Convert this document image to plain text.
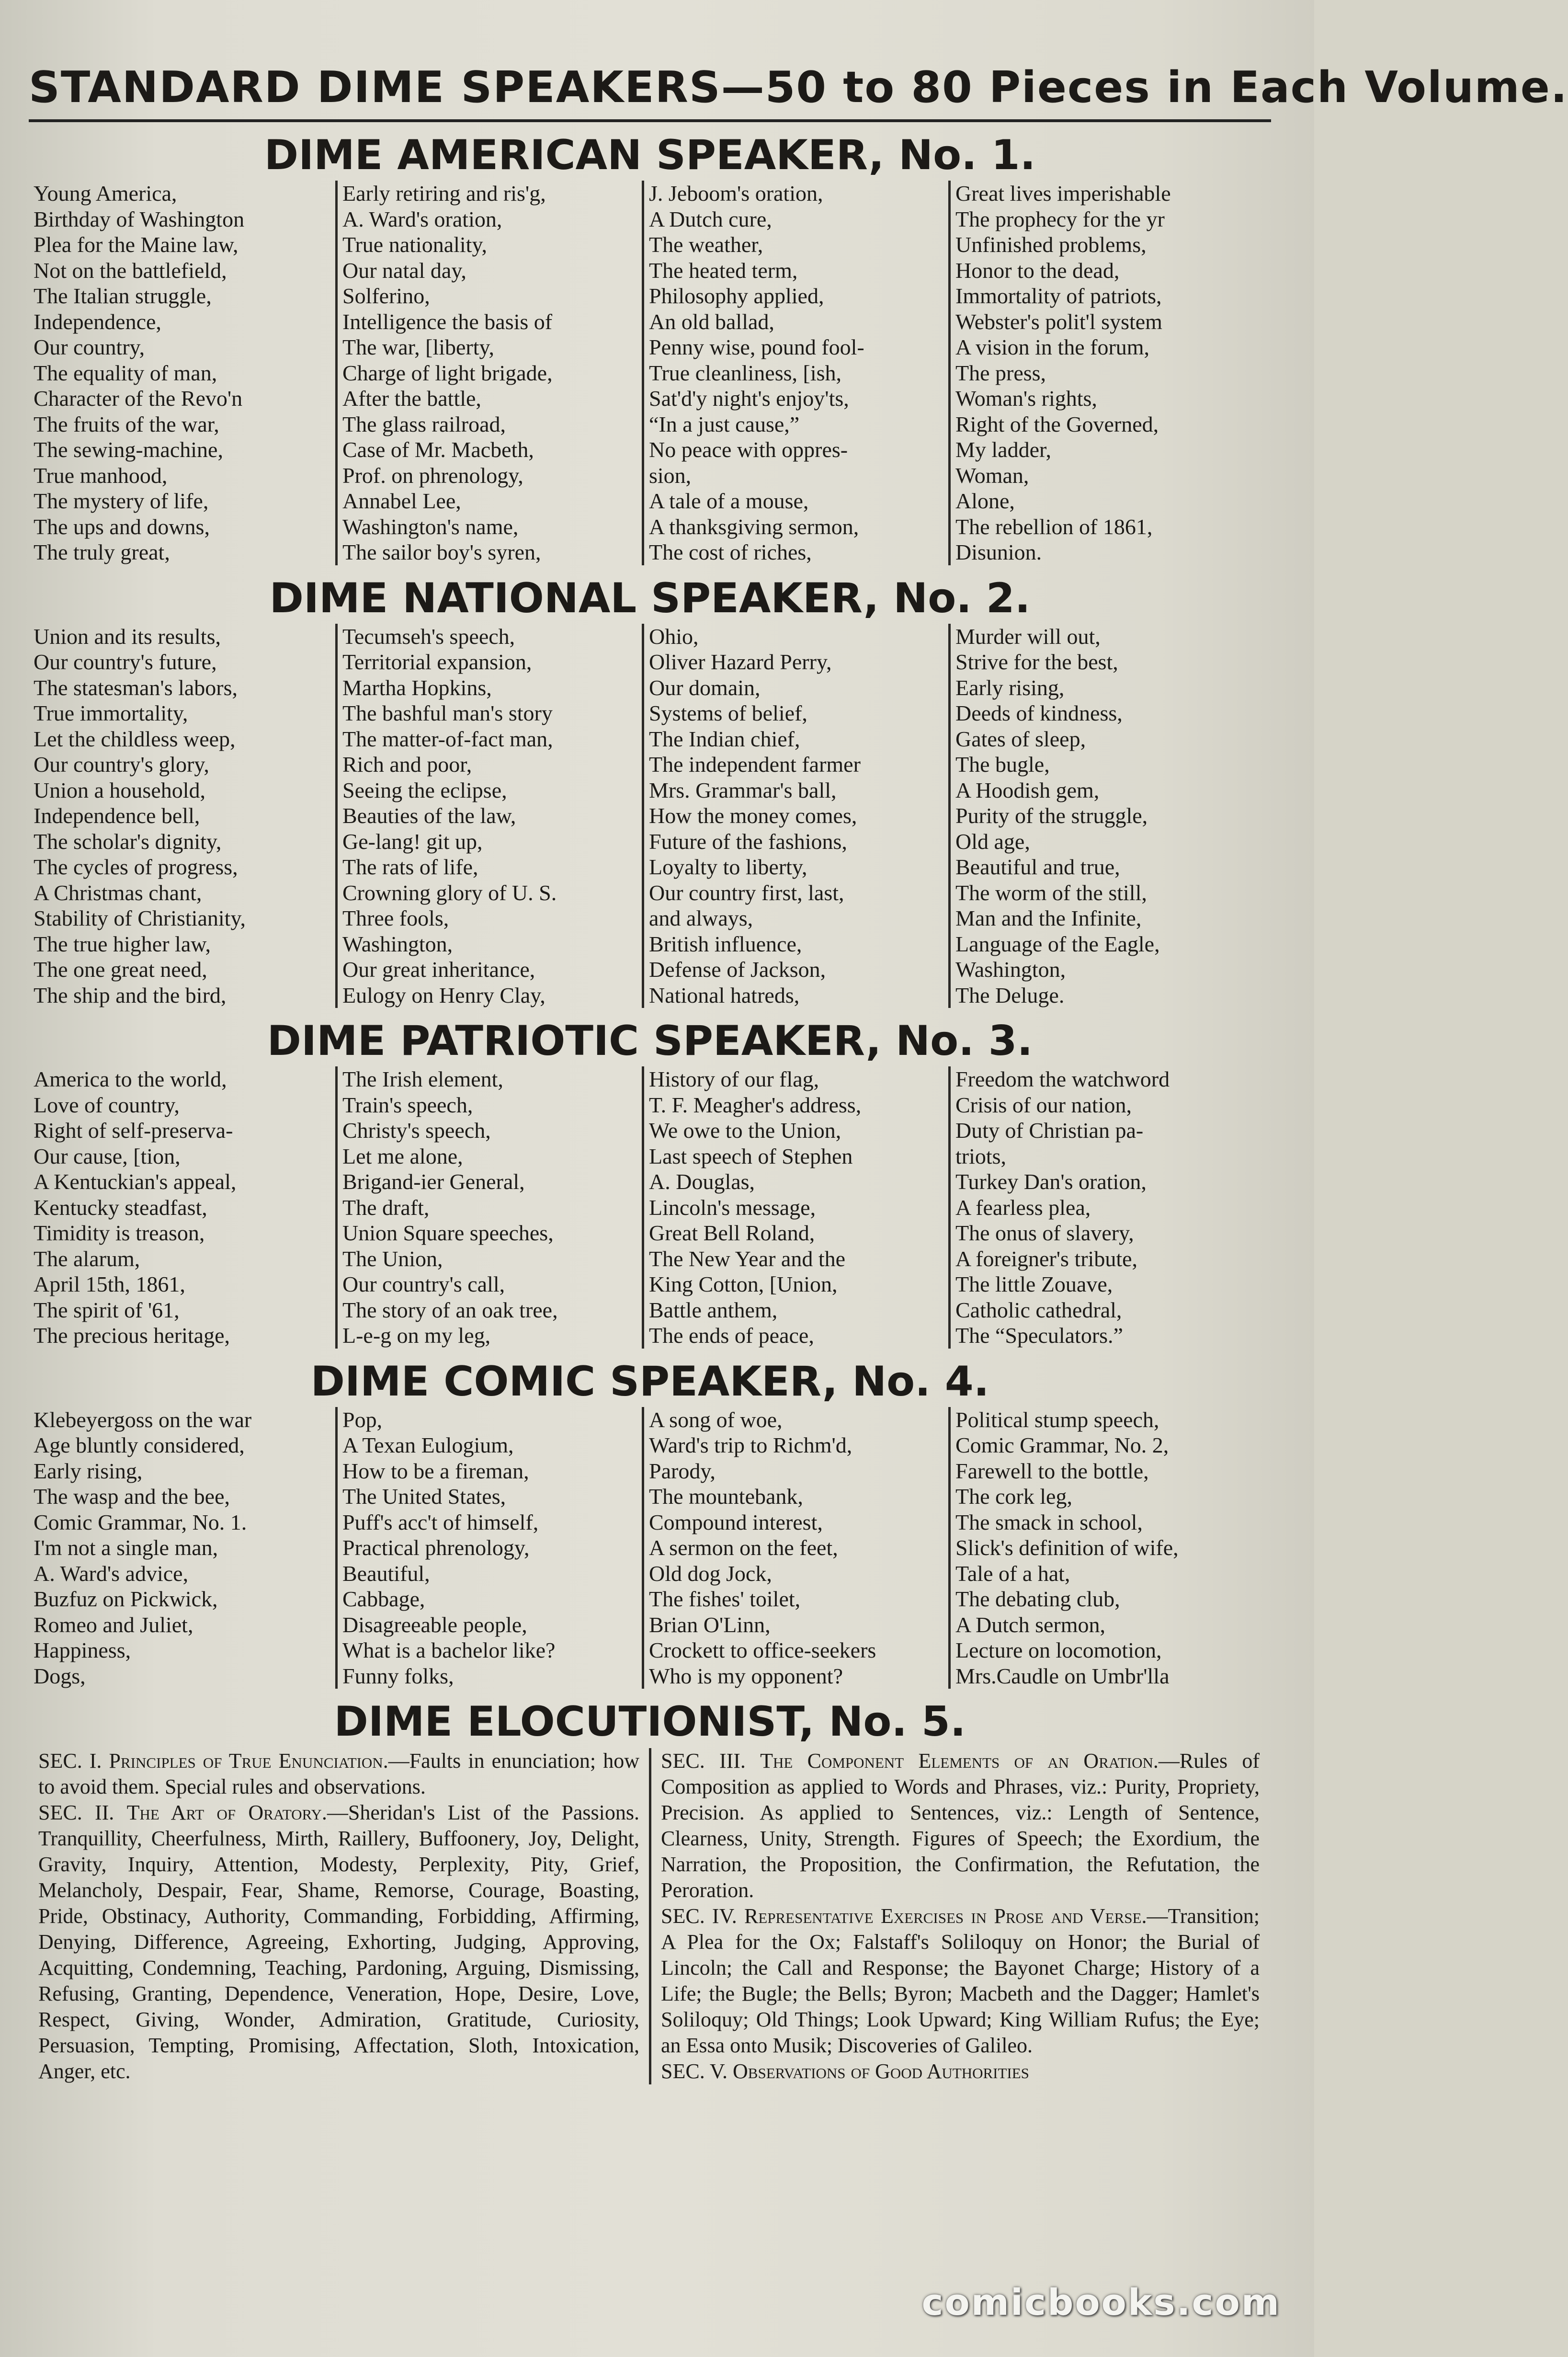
STANDARD DIME SPEAKERS—50 to 80 Pieces in Each Volume.
DIME AMERICAN SPEAKER, No. 1.
Young America,
Birthday of Washington
Plea for the Maine law,
Not on the battlefield,
The Italian struggle,
Independence,
Our country,
The equality of man,
Character of the Revo'n
The fruits of the war,
The sewing-machine,
True manhood,
The mystery of life,
The ups and downs,
The truly great,
Early retiring and ris'g,
A. Ward's oration,
True nationality,
Our natal day,
Solferino,
Intelligence the basis of
The war, [liberty,
Charge of light brigade,
After the battle,
The glass railroad,
Case of Mr. Macbeth,
Prof. on phrenology,
Annabel Lee,
Washington's name,
The sailor boy's syren,
J. Jeboom's oration,
A Dutch cure,
The weather,
The heated term,
Philosophy applied,
An old ballad,
Penny wise, pound fool-
True cleanliness, [ish,
Sat'd'y night's enjoy'ts,
“In a just cause,”
No peace with oppres-
sion,
A tale of a mouse,
A thanksgiving sermon,
The cost of riches,
Great lives imperishable
The prophecy for the yr
Unfinished problems,
Honor to the dead,
Immortality of patriots,
Webster's polit'l system
A vision in the forum,
The press,
Woman's rights,
Right of the Governed,
My ladder,
Woman,
Alone,
The rebellion of 1861,
Disunion.
DIME NATIONAL SPEAKER, No. 2.
Union and its results,
Our country's future,
The statesman's labors,
True immortality,
Let the childless weep,
Our country's glory,
Union a household,
Independence bell,
The scholar's dignity,
The cycles of progress,
A Christmas chant,
Stability of Christianity,
The true higher law,
The one great need,
The ship and the bird,
Tecumseh's speech,
Territorial expansion,
Martha Hopkins,
The bashful man's story
The matter-of-fact man,
Rich and poor,
Seeing the eclipse,
Beauties of the law,
Ge-lang! git up,
The rats of life,
Crowning glory of U. S.
Three fools,
Washington,
Our great inheritance,
Eulogy on Henry Clay,
Ohio,
Oliver Hazard Perry,
Our domain,
Systems of belief,
The Indian chief,
The independent farmer
Mrs. Grammar's ball,
How the money comes,
Future of the fashions,
Loyalty to liberty,
Our country first, last,
and always,
British influence,
Defense of Jackson,
National hatreds,
Murder will out,
Strive for the best,
Early rising,
Deeds of kindness,
Gates of sleep,
The bugle,
A Hoodish gem,
Purity of the struggle,
Old age,
Beautiful and true,
The worm of the still,
Man and the Infinite,
Language of the Eagle,
Washington,
The Deluge.
DIME PATRIOTIC SPEAKER, No. 3.
America to the world,
Love of country,
Right of self-preserva-
Our cause, [tion,
A Kentuckian's appeal,
Kentucky steadfast,
Timidity is treason,
The alarum,
April 15th, 1861,
The spirit of '61,
The precious heritage,
The Irish element,
Train's speech,
Christy's speech,
Let me alone,
Brigand-ier General,
The draft,
Union Square speeches,
The Union,
Our country's call,
The story of an oak tree,
L-e-g on my leg,
History of our flag,
T. F. Meagher's address,
We owe to the Union,
Last speech of Stephen
A. Douglas,
Lincoln's message,
Great Bell Roland,
The New Year and the
King Cotton, [Union,
Battle anthem,
The ends of peace,
Freedom the watchword
Crisis of our nation,
Duty of Christian pa-
triots,
Turkey Dan's oration,
A fearless plea,
The onus of slavery,
A foreigner's tribute,
The little Zouave,
Catholic cathedral,
The “Speculators.”
DIME COMIC SPEAKER, No. 4.
Klebeyergoss on the war
Age bluntly considered,
Early rising,
The wasp and the bee,
Comic Grammar, No. 1.
I'm not a single man,
A. Ward's advice,
Buzfuz on Pickwick,
Romeo and Juliet,
Happiness,
Dogs,
Pop,
A Texan Eulogium,
How to be a fireman,
The United States,
Puff's acc't of himself,
Practical phrenology,
Beautiful,
Cabbage,
Disagreeable people,
What is a bachelor like?
Funny folks,
A song of woe,
Ward's trip to Richm'd,
Parody,
The mountebank,
Compound interest,
A sermon on the feet,
Old dog Jock,
The fishes' toilet,
Brian O'Linn,
Crockett to office-seekers
Who is my opponent?
Political stump speech,
Comic Grammar, No. 2,
Farewell to the bottle,
The cork leg,
The smack in school,
Slick's definition of wife,
Tale of a hat,
The debating club,
A Dutch sermon,
Lecture on locomotion,
Mrs.Caudle on Umbr'lla
DIME ELOCUTIONIST, No. 5.

SEC. I. Principles of True Enunciation.—Faults in enunciation; how to avoid them. Special rules and observations.

SEC. II. The Art of Oratory.—Sheridan's List of the Passions. Tranquillity, Cheerfulness, Mirth, Raillery, Buffoonery, Joy, Delight, Gravity, Inquiry, Attention, Modesty, Perplexity, Pity, Grief, Melancholy, Despair, Fear, Shame, Remorse, Courage, Boasting, Pride, Obstinacy, Authority, Commanding, Forbidding, Affirming, Denying, Difference, Agreeing, Exhorting, Judging, Approving, Acquitting, Condemning, Teaching, Pardoning, Arguing, Dismissing, Refusing, Granting, Dependence, Veneration, Hope, Desire, Love, Respect, Giving, Wonder, Admiration, Gratitude, Curiosity, Persuasion, Tempting, Promising, Affectation, Sloth, Intoxication, Anger, etc.

SEC. III. The Component Elements of an Oration.—Rules of Composition as applied to Words and Phrases, viz.: Purity, Propriety, Precision. As applied to Sentences, viz.: Length of Sentence, Clearness, Unity, Strength. Figures of Speech; the Exordium, the Narration, the Proposition, the Confirmation, the Refutation, the Peroration.

SEC. IV. Representative Exercises in Prose and Verse.—Transition; A Plea for the Ox; Falstaff's Soliloquy on Honor; the Burial of Lincoln; the Call and Response; the Bayonet Charge; History of a Life; the Bugle; the Bells; Byron; Macbeth and the Dagger; Hamlet's Soliloquy; Old Things; Look Upward; King William Rufus; the Eye; an Essa onto Musik; Discoveries of Galileo.

SEC. V. Observations of Good Authorities

comicbooks.com
